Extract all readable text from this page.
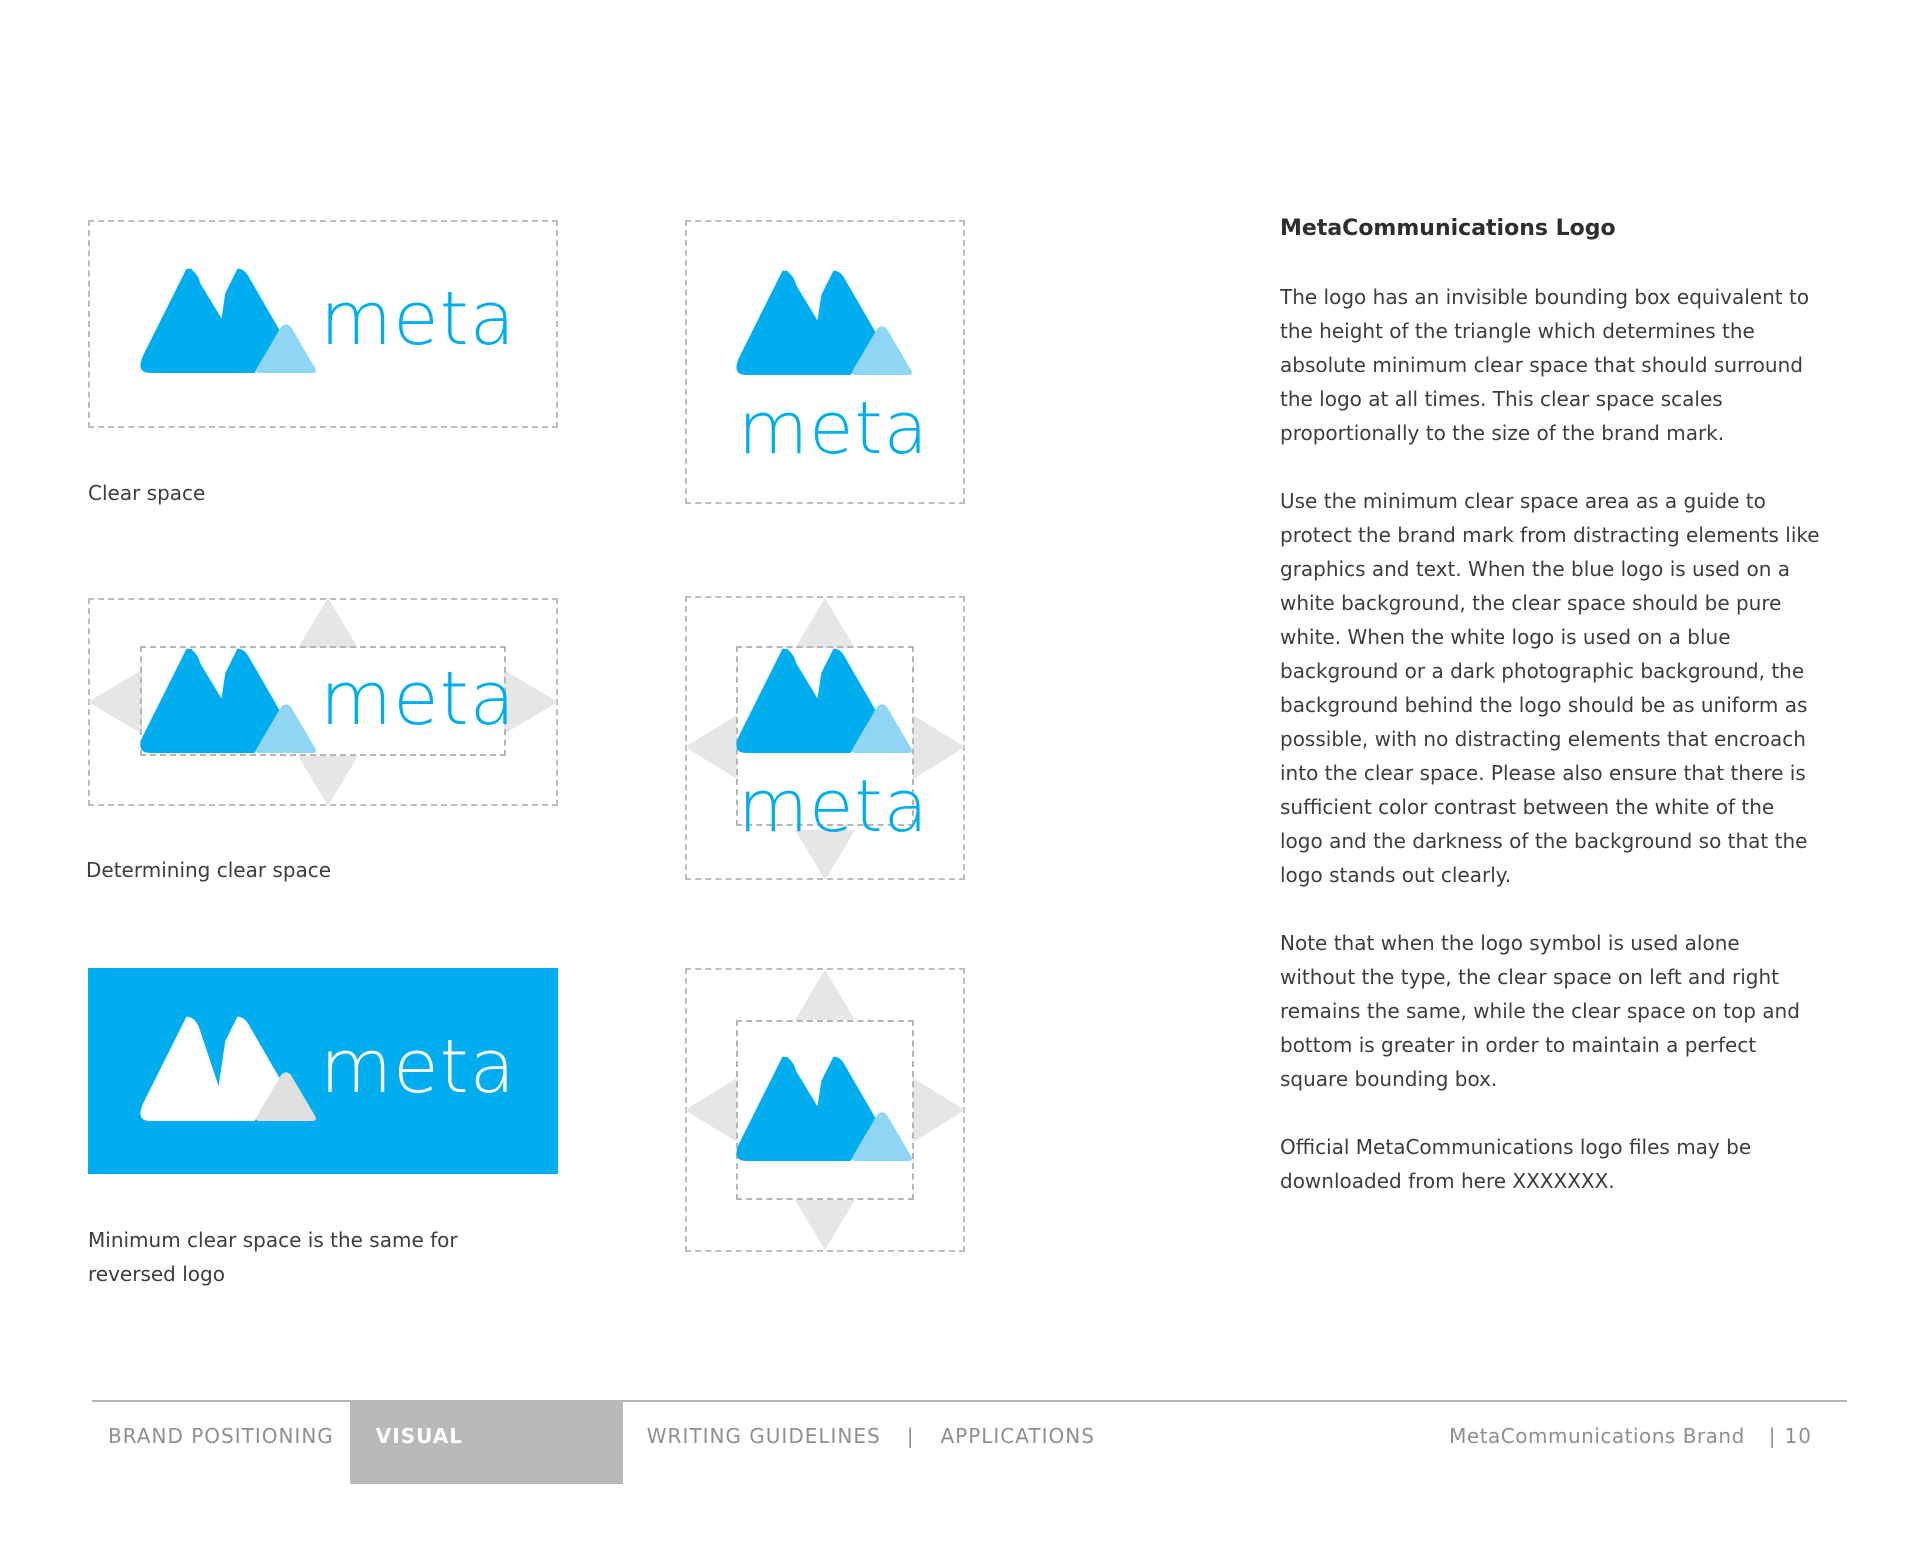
meta
Clear space
meta
meta
Determining clear space
meta
meta
Minimum clear space is the same for reversed logo
MetaCommunications Logo

The logo has an invisible bounding box equivalent to the height of the triangle which determines the absolute minimum clear space that should surround the logo at all times. This clear space scales proportionally to the size of the brand mark.

Use the minimum clear space area as a guide to protect the brand mark from distracting elements like graphics and text. When the blue logo is used on a white background, the clear space should be pure white. When the white logo is used on a blue background or a dark photographic background, the background behind the logo should be as uniform as possible, with no distracting elements that encroach into the clear space. Please also ensure that there is sufficient color contrast between the white of the logo and the darkness of the background so that the logo stands out clearly.

Note that when the logo symbol is used alone without the type, the clear space on left and right remains the same, while the clear space on top and bottom is greater in order to maintain a perfect square bounding box.

Official MetaCommunications logo files may be downloaded from here XXXXXXX.

BRAND POSITIONING	VISUAL GUIDELINES
WRITING GUIDELINES	|	APPLICATIONS	MetaCommunications Brand	| 10
